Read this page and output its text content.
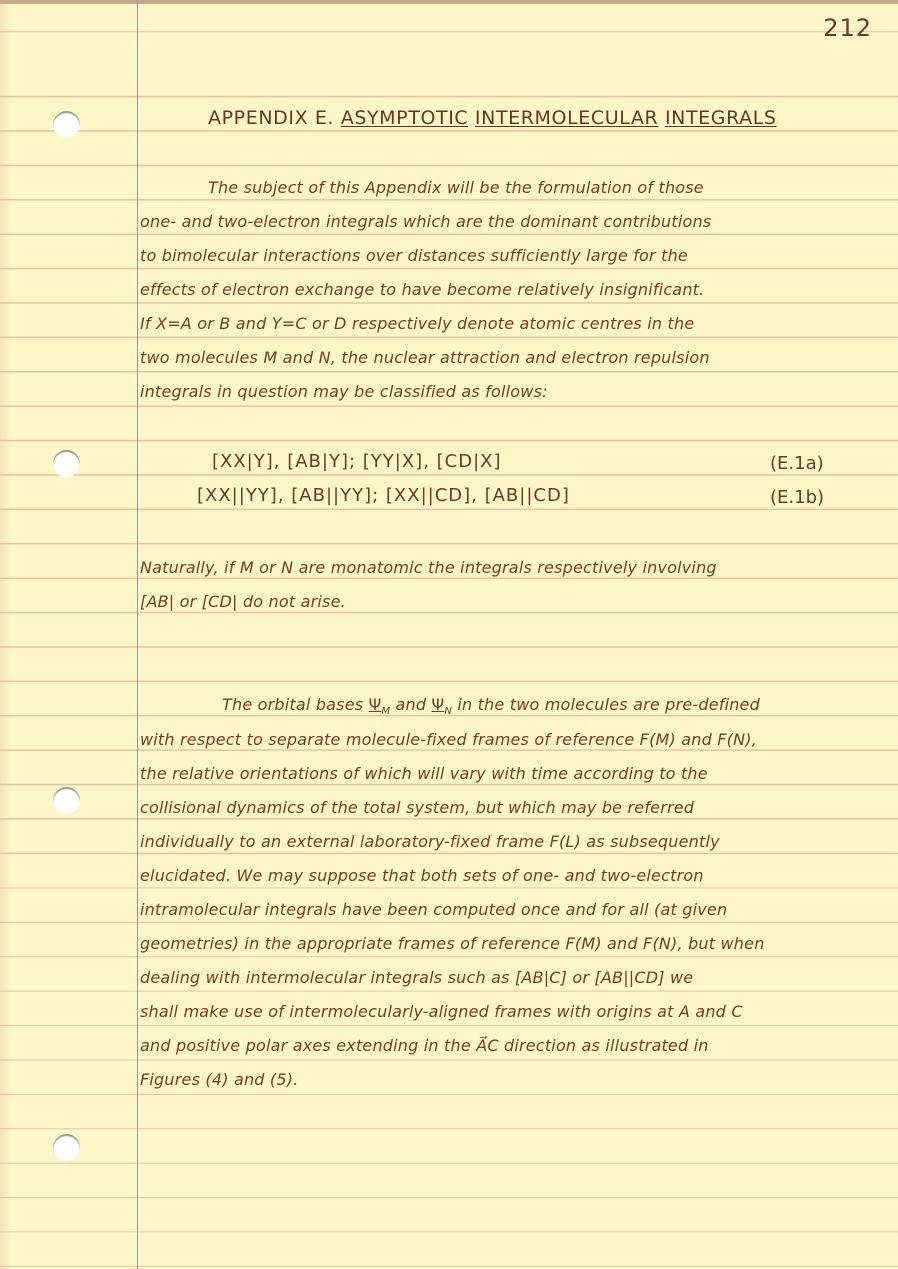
212
APPENDIX E. ASYMPTOTIC INTERMOLECULAR INTEGRALS
The subject of this Appendix will be the formulation of those
one- and two-electron integrals which are the dominant contributions
to bimolecular interactions over distances sufficiently large for the
effects of electron exchange to have become relatively insignificant.
If X=A or B and Y=C or D respectively denote atomic centres in the
two molecules M and N, the nuclear attraction and electron repulsion
integrals in question may be classified as follows:
[XX|Y], [AB|Y]; [YY|X], [CD|X]	(E.1a)
[XX||YY], [AB||YY]; [XX||CD], [AB||CD]	(E.1b)
Naturally, if M or N are monatomic the integrals respectively involving
[AB| or [CD| do not arise.
The orbital bases $\Psi_M$ and $\Psi_N$ in the two molecules are pre-defined
with respect to separate molecule-fixed frames of reference F(M) and F(N),
the relative orientations of which will vary with time according to the
collisional dynamics of the total system, but which may be referred
individually to an external laboratory-fixed frame F(L) as subsequently
elucidated. We may suppose that both sets of one- and two-electron
intramolecular integrals have been computed once and for all (at given
geometries) in the appropriate frames of reference F(M) and F(N), but when
dealing with intermolecular integrals such as [AB|C] or [AB||CD] we
shall make use of intermolecularly-aligned frames with origins at A and C
and positive polar axes extending in the A⃗C direction as illustrated in
Figures (4) and (5).
